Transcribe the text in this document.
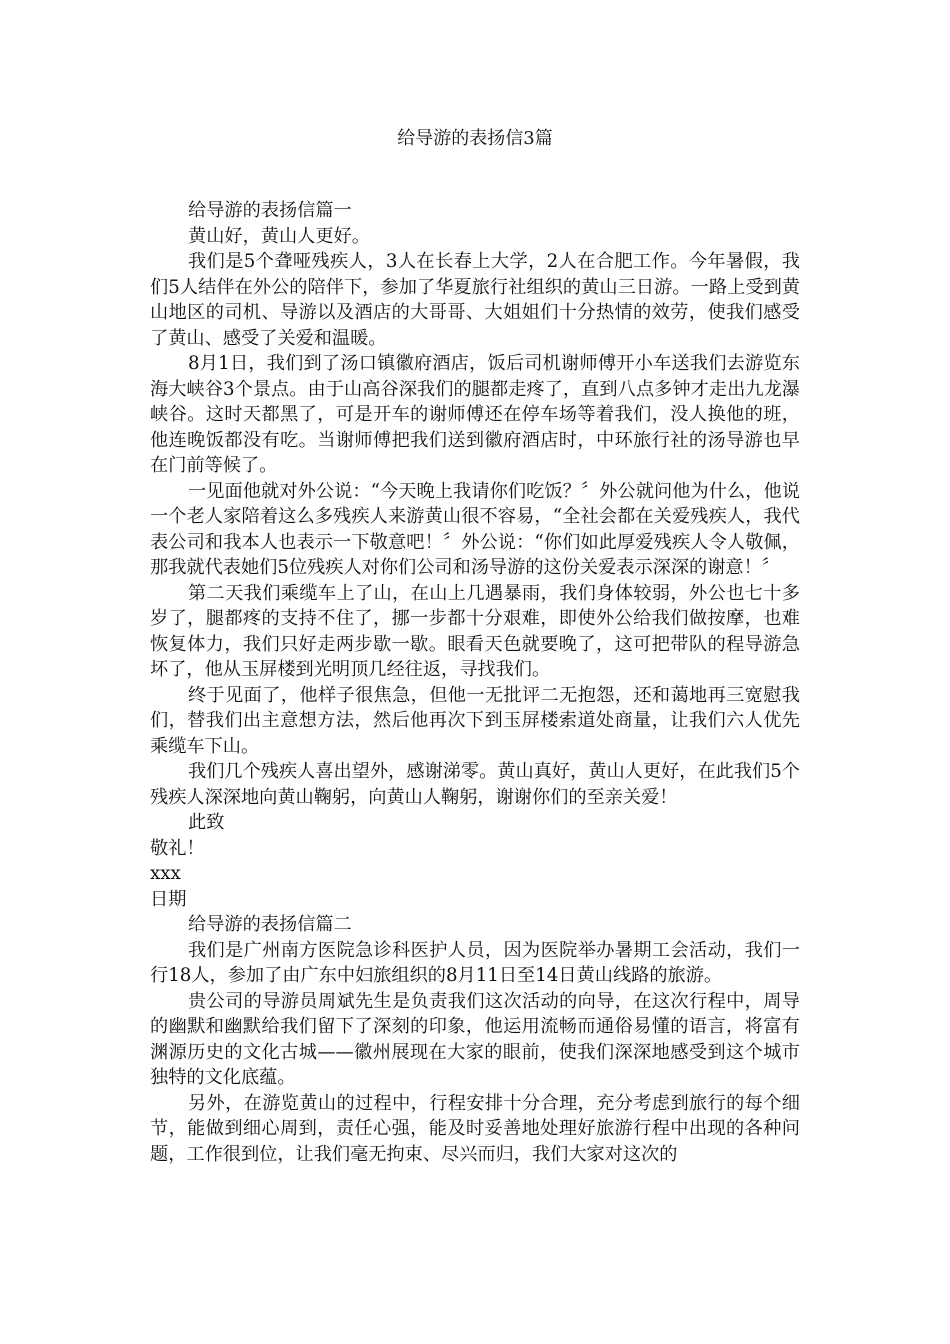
给导游的表扬信3篇

给导游的表扬信篇一

黄山好，黄山人更好。

我们是5个聋哑残疾人，3人在长春上大学，2人在合肥工作。今年暑假，我们5人结伴在外公的陪伴下，参加了华夏旅行社组织的黄山三日游。一路上受到黄山地区的司机、导游以及酒店的大哥哥、大姐姐们十分热情的效劳，使我们感受了黄山、感受了关爱和温暖。

8月1日，我们到了汤口镇徽府酒店，饭后司机谢师傅开小车送我们去游览东海大峡谷3个景点。由于山高谷深我们的腿都走疼了，直到八点多钟才走出九龙瀑峡谷。这时天都黑了，可是开车的谢师傅还在停车场等着我们，没人换他的班，他连晚饭都没有吃。当谢师傅把我们送到徽府酒店时，中环旅行社的汤导游也早在门前等候了。

一见面他就对外公说：“今天晚上我请你们吃饭？〞外公就问他为什么，他说一个老人家陪着这么多残疾人来游黄山很不容易，“全社会都在关爱残疾人，我代表公司和我本人也表示一下敬意吧！〞外公说：“你们如此厚爱残疾人令人敬佩，那我就代表她们5位残疾人对你们公司和汤导游的这份关爱表示深深的谢意！〞

第二天我们乘缆车上了山，在山上几遇暴雨，我们身体较弱，外公也七十多岁了，腿都疼的支持不住了，挪一步都十分艰难，即使外公给我们做按摩，也难恢复体力，我们只好走两步歇一歇。眼看天色就要晚了，这可把带队的程导游急坏了，他从玉屏楼到光明顶几经往返，寻找我们。

终于见面了，他样子很焦急，但他一无批评二无抱怨，还和蔼地再三宽慰我们，替我们出主意想方法，然后他再次下到玉屏楼索道处商量，让我们六人优先乘缆车下山。

我们几个残疾人喜出望外，感谢涕零。黄山真好，黄山人更好，在此我们5个残疾人深深地向黄山鞠躬，向黄山人鞠躬，谢谢你们的至亲关爱！

此致

敬礼！

xxx

日期

给导游的表扬信篇二

我们是广州南方医院急诊科医护人员，因为医院举办暑期工会活动，我们一行18人，参加了由广东中妇旅组织的8月11日至14日黄山线路的旅游。

贵公司的导游员周斌先生是负责我们这次活动的向导，在这次行程中，周导的幽默和幽默给我们留下了深刻的印象，他运用流畅而通俗易懂的语言，将富有渊源历史的文化古城——徽州展现在大家的眼前，使我们深深地感受到这个城市独特的文化底蕴。

另外，在游览黄山的过程中，行程安排十分合理，充分考虑到旅行的每个细节，能做到细心周到，责任心强，能及时妥善地处理好旅游行程中出现的各种问题，工作很到位，让我们毫无拘束、尽兴而归，我们大家对这次的
